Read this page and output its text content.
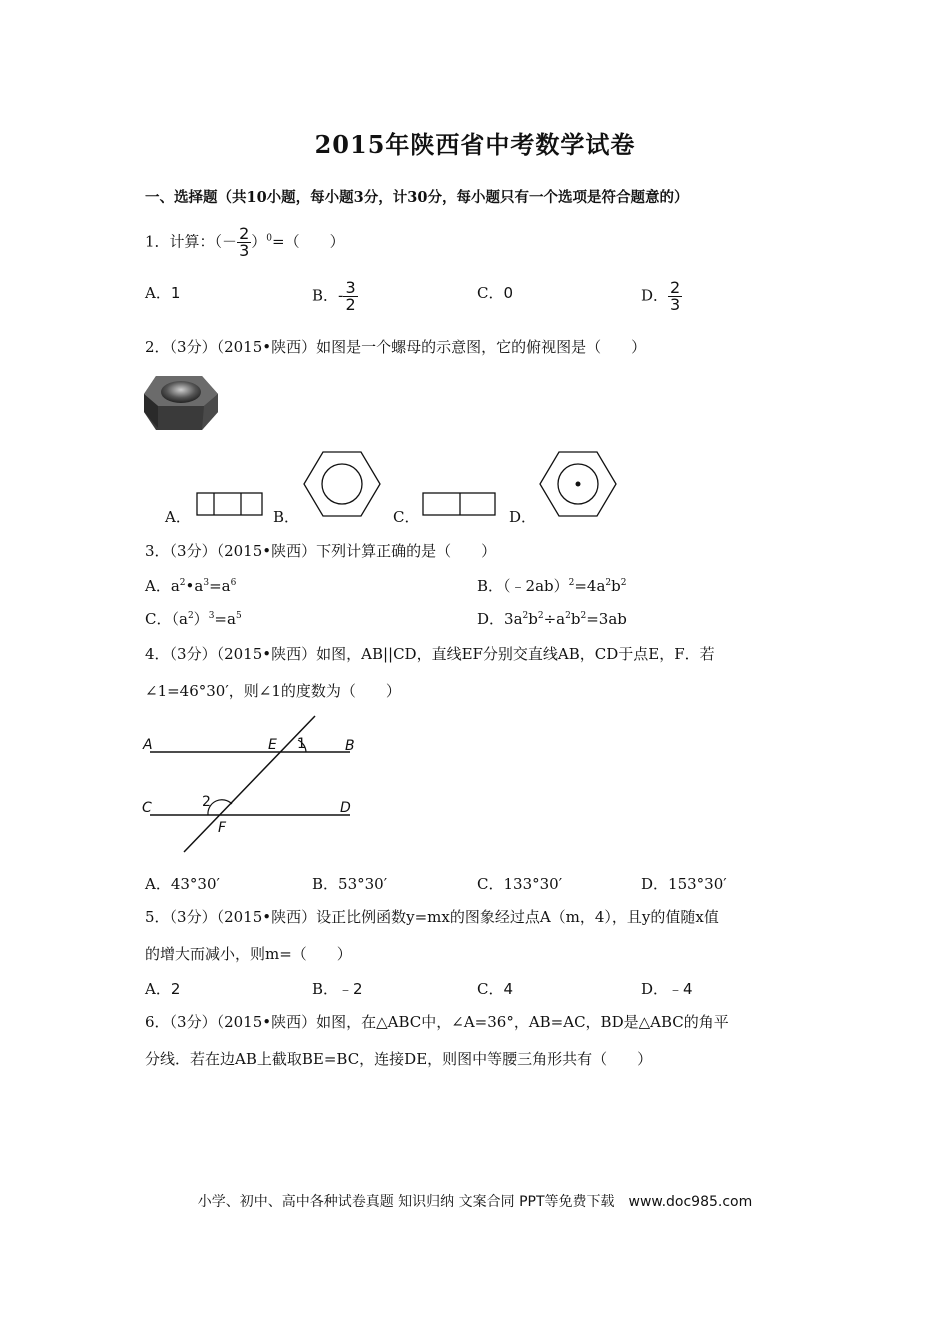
2015年陕西省中考数学试卷
一、选择题（共10小题，每小题3分，计30分，每小题只有一个选项是符合题意的）
1．计算：（－ $\frac{2}{3} )^0=$（　　）
A．1	B．- $\frac{3}{2}$	C．0	D． $\frac{2}{3}$
2．（3分）（2015•陕西）如图是一个螺母的示意图，它的俯视图是（　　）
A．	B．	C．	D．
3．（3分）（2015•陕西）下列计算正确的是（　　）
A．$a^2•a^3=a^6$	B．$(﹣2ab)^2=4a^2b^2$
C．$(a^2)^3=a^5$	D．$3a^2b^2\div a^2b^2=3ab$
4．（3分）（2015•陕西）如图，AB||CD，直线EF分别交直线AB，CD于点E，F．若
∠1=46°30′，则∠1的度数为（　　）
A	E 1	B
C	2	D
F
A．43°30′	B．53°30′	C．133°30′	D．153°30′
5．（3分）（2015•陕西）设正比例函数y=mx的图象经过点A（m，4），且y的值随x值
的增大而减小，则m=（　　）
A．2	B．﹣2	C．4	D．﹣4
6．（3分）（2015•陕西）如图，在△ABC中，∠A=36°，AB=AC，BD是△ABC的角平
分线．若在边AB上截取BE=BC，连接DE，则图中等腰三角形共有（　　）
小学、初中、高中各种试卷真题 知识归纳 文案合同 PPT等免费下载　www.doc985.com
